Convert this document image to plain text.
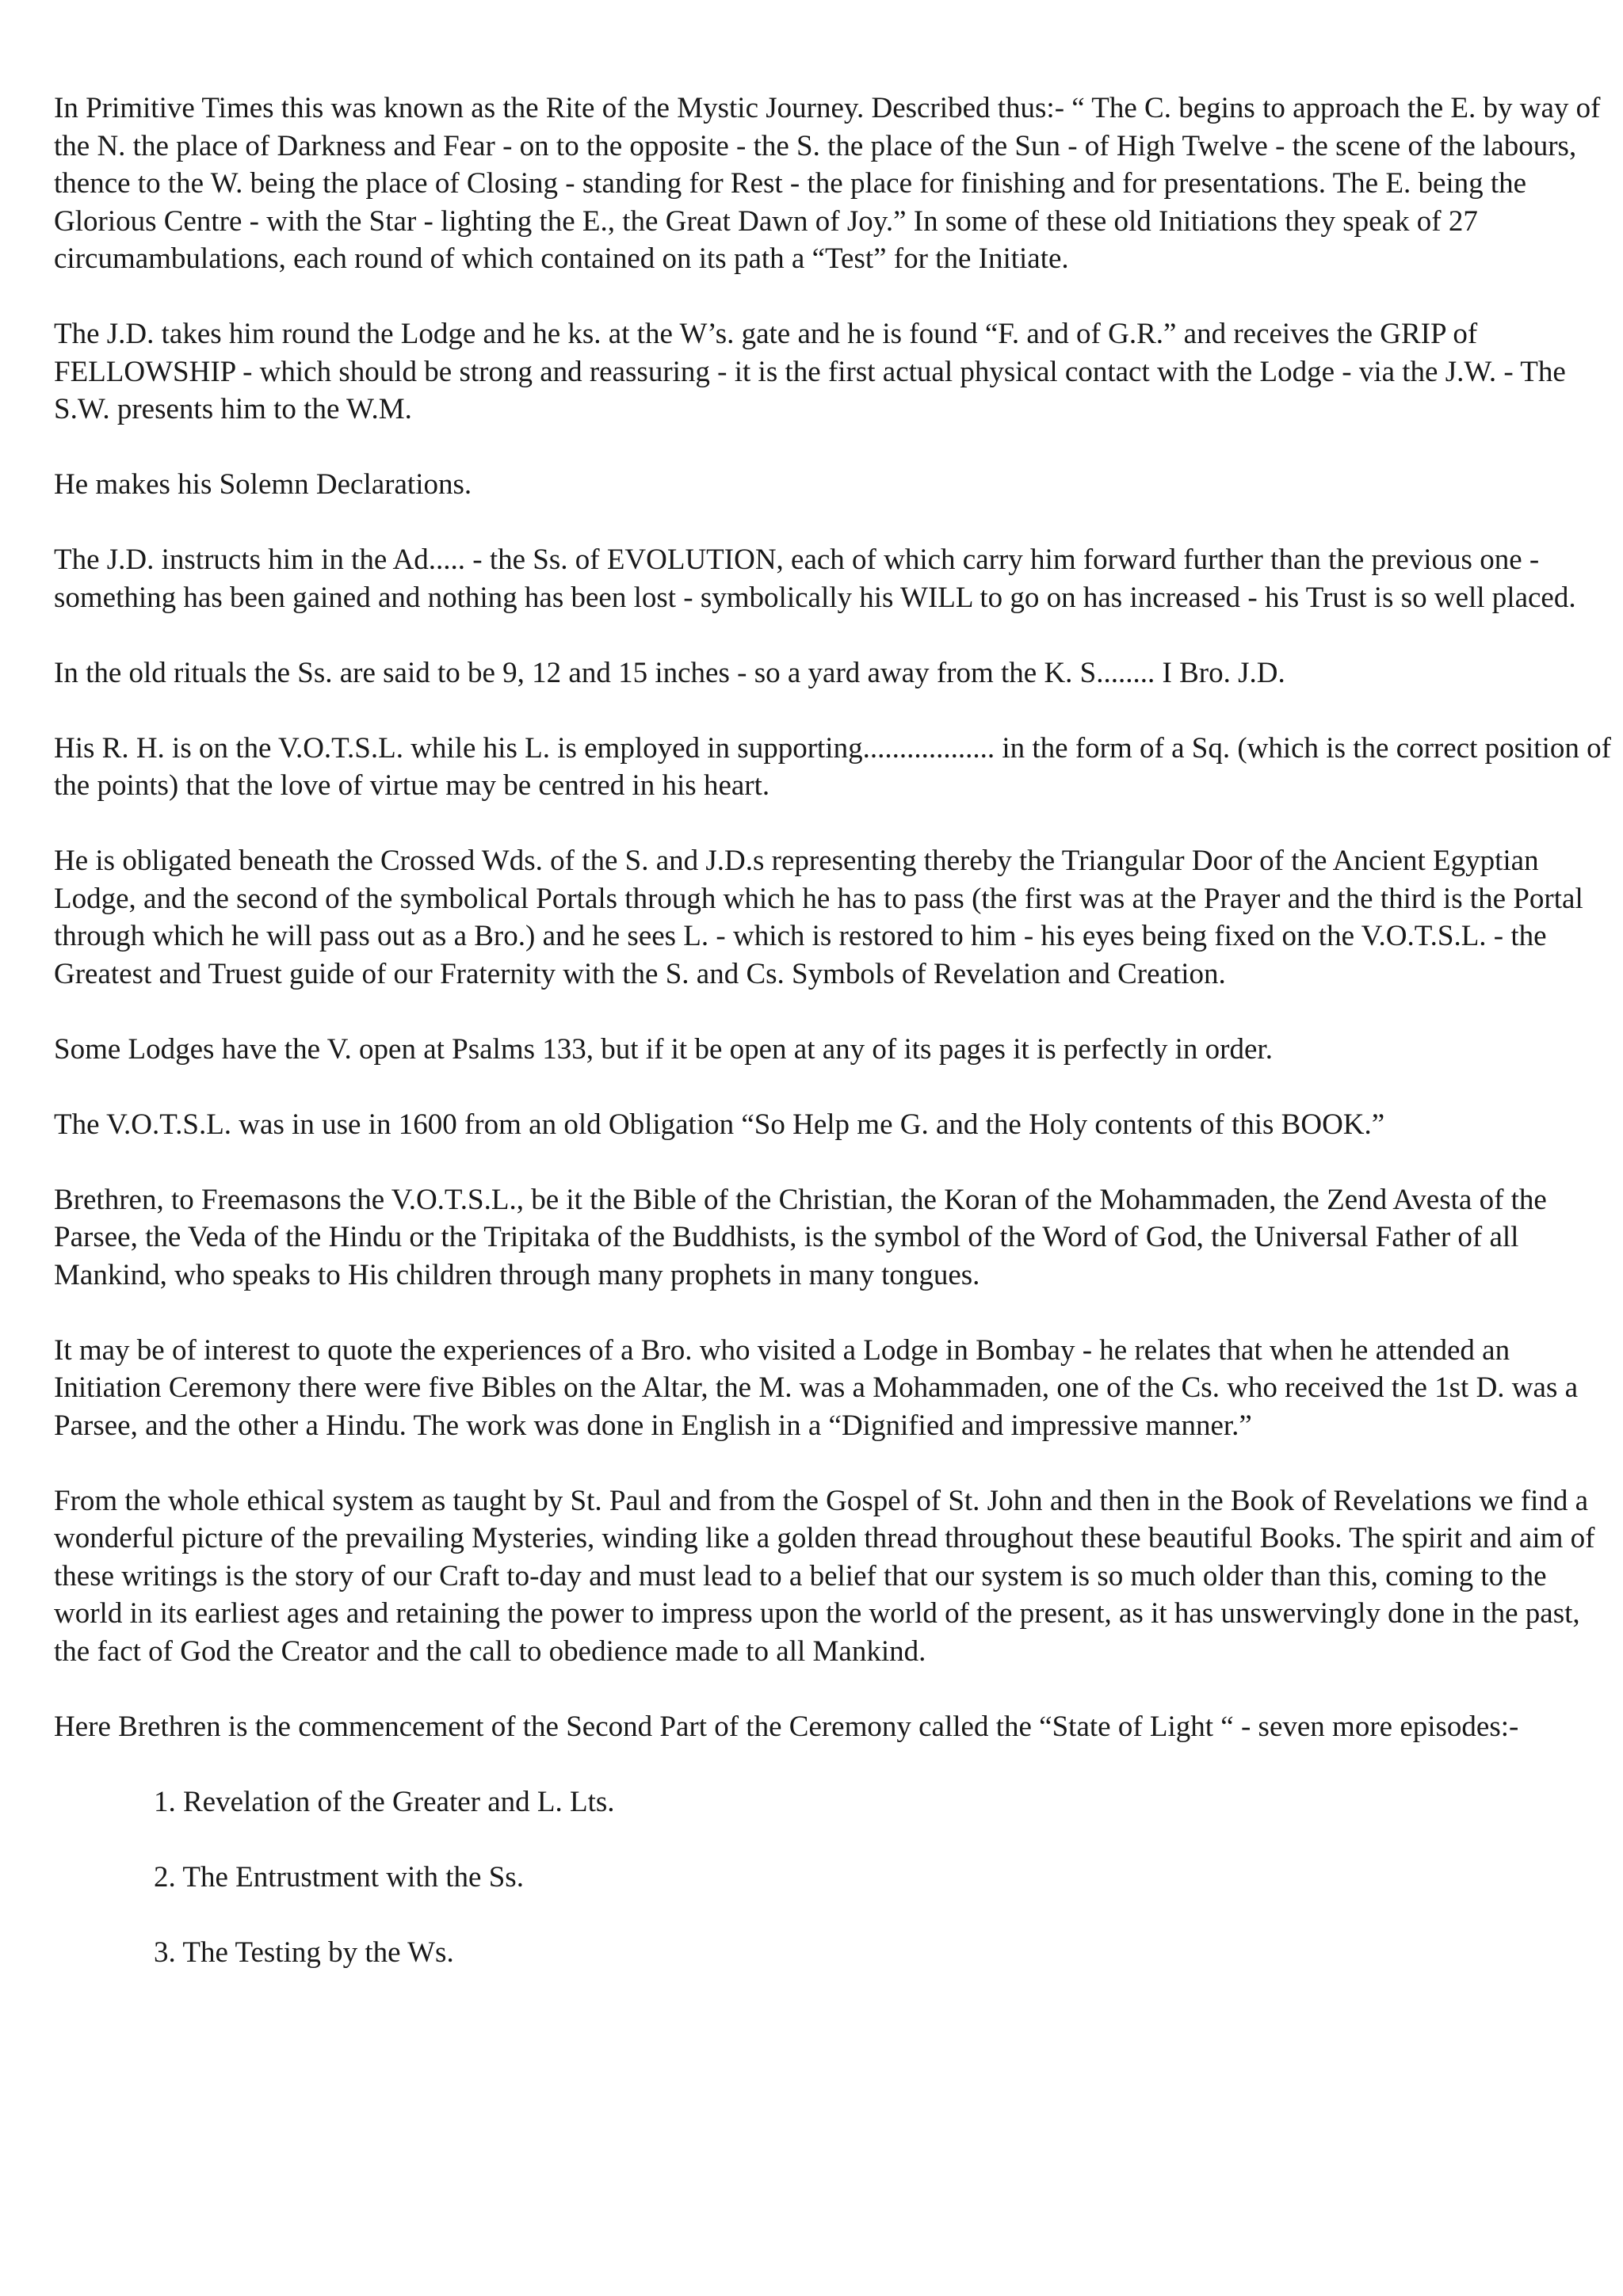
In Primitive Times this was known as the Rite of the Mystic Journey. Described thus:- “ The C. begins to approach the E. by way of the N. the place of Darkness and Fear - on to the opposite - the S. the place of the Sun - of High Twelve - the scene of the labours, thence to the W. being the place of Closing - standing for Rest - the place for finishing and for presentations. The E. being the Glorious Centre - with the Star - lighting the E., the Great Dawn of Joy.” In some of these old Initiations they speak of 27 circumambulations, each round of which contained on its path a “Test” for the Initiate.

The J.D. takes him round the Lodge and he ks. at the W’s. gate and he is found “F. and of G.R.” and receives the GRIP of FELLOWSHIP - which should be strong and reassuring - it is the first actual physical contact with the Lodge - via the J.W. - The S.W. presents him to the W.M.

He makes his Solemn Declarations.

The J.D. instructs him in the Ad..... - the Ss. of EVOLUTION, each of which carry him forward further than the previous one - something has been gained and nothing has been lost - symbolically his WILL to go on has increased - his Trust is so well placed.

In the old rituals the Ss. are said to be 9, 12 and 15 inches - so a yard away from the K. S........ I Bro. J.D.

His R. H. is on the V.O.T.S.L. while his L. is employed in supporting.................. in the form of a Sq. (which is the correct position of the points) that the love of virtue may be centred in his heart.

He is obligated beneath the Crossed Wds. of the S. and J.D.s representing thereby the Triangular Door of the Ancient Egyptian Lodge, and the second of the symbolical Portals through which he has to pass (the first was at the Prayer and the third is the Portal through which he will pass out as a Bro.) and he sees L. - which is restored to him - his eyes being fixed on the V.O.T.S.L. - the Greatest and Truest guide of our Fraternity with the S. and Cs. Symbols of Revelation and Creation.

Some Lodges have the V. open at Psalms 133, but if it be open at any of its pages it is perfectly in order.

The V.O.T.S.L. was in use in 1600 from an old Obligation “So Help me G. and the Holy contents of this BOOK.”

Brethren, to Freemasons the V.O.T.S.L., be it the Bible of the Christian, the Koran of the Mohammaden, the Zend Avesta of the Parsee, the Veda of the Hindu or the Tripitaka of the Buddhists, is the symbol of the Word of God, the Universal Father of all Mankind, who speaks to His children through many prophets in many tongues.

It may be of interest to quote the experiences of a Bro. who visited a Lodge in Bombay - he relates that when he attended an Initiation Ceremony there were five Bibles on the Altar, the M. was a Mohammaden, one of the Cs. who received the 1st D. was a Parsee, and the other a Hindu. The work was done in English in a “Dignified and impressive manner.”

From the whole ethical system as taught by St. Paul and from the Gospel of St. John and then in the Book of Revelations we find a wonderful picture of the prevailing Mysteries, winding like a golden thread throughout these beautiful Books. The spirit and aim of these writings is the story of our Craft to-day and must lead to a belief that our system is so much older than this, coming to the world in its earliest ages and retaining the power to impress upon the world of the present, as it has unswervingly done in the past, the fact of God the Creator and the call to obedience made to all Mankind.

Here Brethren is the commencement of the Second Part of the Ceremony called the “State of Light “ - seven more episodes:-

1. Revelation of the Greater and L. Lts.
2. The Entrustment with the Ss.
3. The Testing by the Ws.
